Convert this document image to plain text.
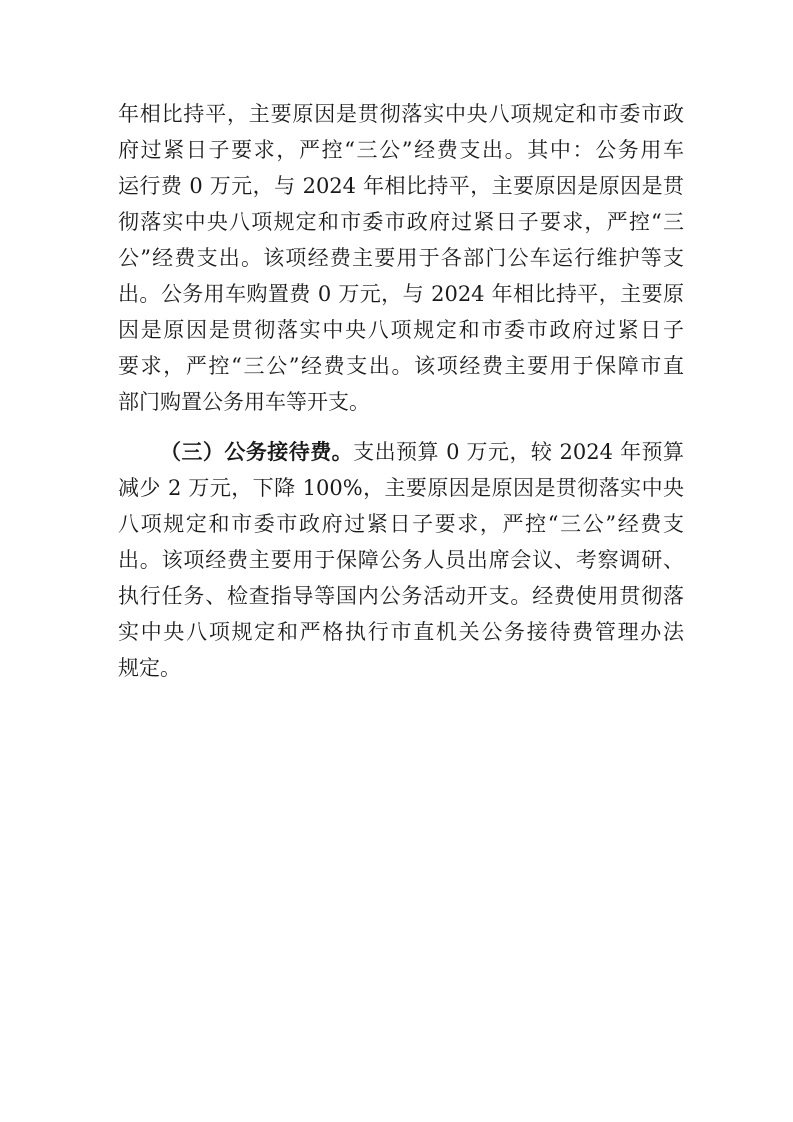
年相比持平，主要原因是贯彻落实中央八项规定和市委市政
府过紧日子要求，严控“三公”经费支出。其中：公务用车
运行费 0 万元，与 2024 年相比持平，主要原因是原因是贯
彻落实中央八项规定和市委市政府过紧日子要求，严控“三
公”经费支出。该项经费主要用于各部门公车运行维护等支
出。公务用车购置费 0 万元，与 2024 年相比持平，主要原
因是原因是贯彻落实中央八项规定和市委市政府过紧日子
要求，严控“三公”经费支出。该项经费主要用于保障市直
部门购置公务用车等开支。
（三）公务接待费。支出预算 0 万元，较 2024 年预算
减少 2 万元，下降 100%，主要原因是原因是贯彻落实中央
八项规定和市委市政府过紧日子要求，严控“三公”经费支
出。该项经费主要用于保障公务人员出席会议、考察调研、
执行任务、检查指导等国内公务活动开支。经费使用贯彻落
实中央八项规定和严格执行市直机关公务接待费管理办法
规定。
